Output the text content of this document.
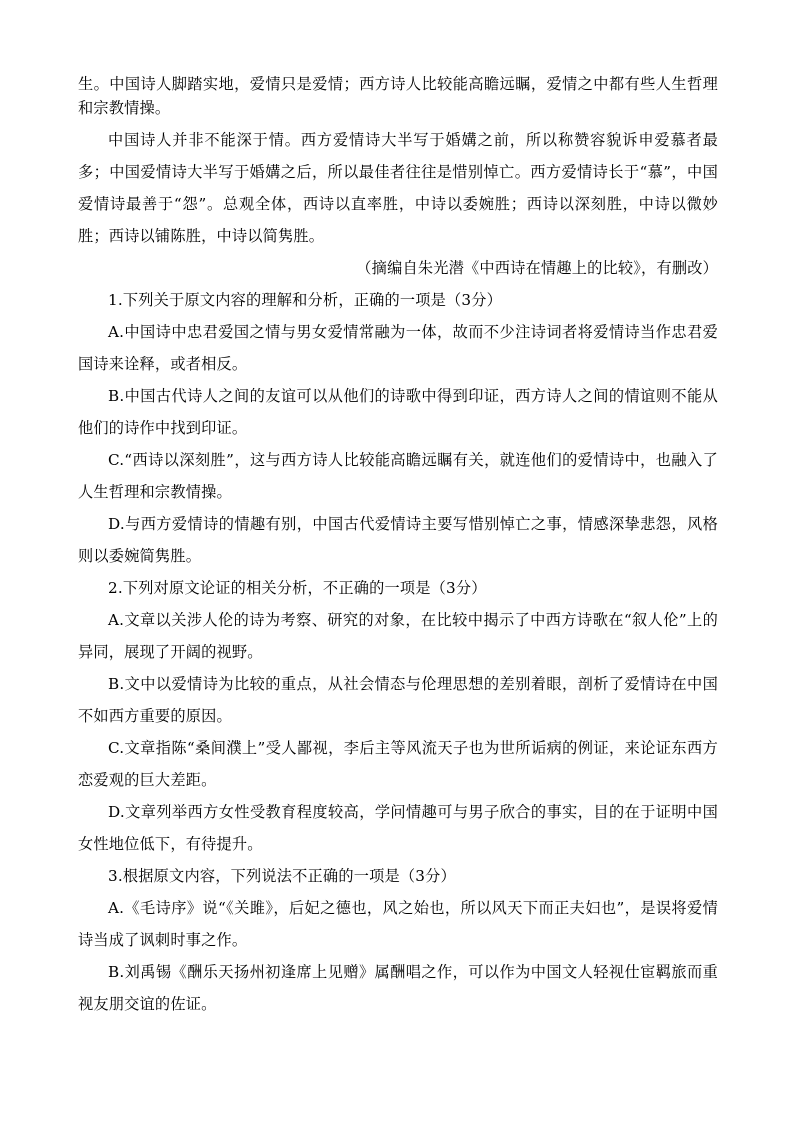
生。中国诗人脚踏实地，爱情只是爱情；西方诗人比较能高瞻远瞩，爱情之中都有些人生哲理和宗教情操。

中国诗人并非不能深于情。西方爱情诗大半写于婚媾之前，所以称赞容貌诉申爱慕者最多；中国爱情诗大半写于婚媾之后，所以最佳者往往是惜别悼亡。西方爱情诗长于“慕”，中国爱情诗最善于“怨”。总观全体，西诗以直率胜，中诗以委婉胜；西诗以深刻胜，中诗以微妙胜；西诗以铺陈胜，中诗以简隽胜。

（摘编自朱光潜《中西诗在情趣上的比较》，有删改）

1.下列关于原文内容的理解和分析，正确的一项是（3分）

A.中国诗中忠君爱国之情与男女爱情常融为一体，故而不少注诗词者将爱情诗当作忠君爱国诗来诠释，或者相反。

B.中国古代诗人之间的友谊可以从他们的诗歌中得到印证，西方诗人之间的情谊则不能从他们的诗作中找到印证。

C.“西诗以深刻胜”，这与西方诗人比较能高瞻远瞩有关，就连他们的爱情诗中，也融入了人生哲理和宗教情操。

D.与西方爱情诗的情趣有别，中国古代爱情诗主要写惜别悼亡之事，情感深挚悲怨，风格则以委婉简隽胜。

2.下列对原文论证的相关分析，不正确的一项是（3分）

A.文章以关涉人伦的诗为考察、研究的对象，在比较中揭示了中西方诗歌在“叙人伦”上的异同，展现了开阔的视野。

B.文中以爱情诗为比较的重点，从社会情态与伦理思想的差别着眼，剖析了爱情诗在中国不如西方重要的原因。

C.文章指陈“桑间濮上”受人鄙视，李后主等风流天子也为世所诟病的例证，来论证东西方恋爱观的巨大差距。

D.文章列举西方女性受教育程度较高，学问情趣可与男子欣合的事实，目的在于证明中国女性地位低下，有待提升。

3.根据原文内容，下列说法不正确的一项是（3分）

A.《毛诗序》说“《关雎》，后妃之德也，风之始也，所以风天下而正夫妇也”，是误将爱情诗当成了讽刺时事之作。

B.刘禹锡《酬乐天扬州初逢席上见赠》属酬唱之作，可以作为中国文人轻视仕宦羁旅而重视友朋交谊的佐证。
